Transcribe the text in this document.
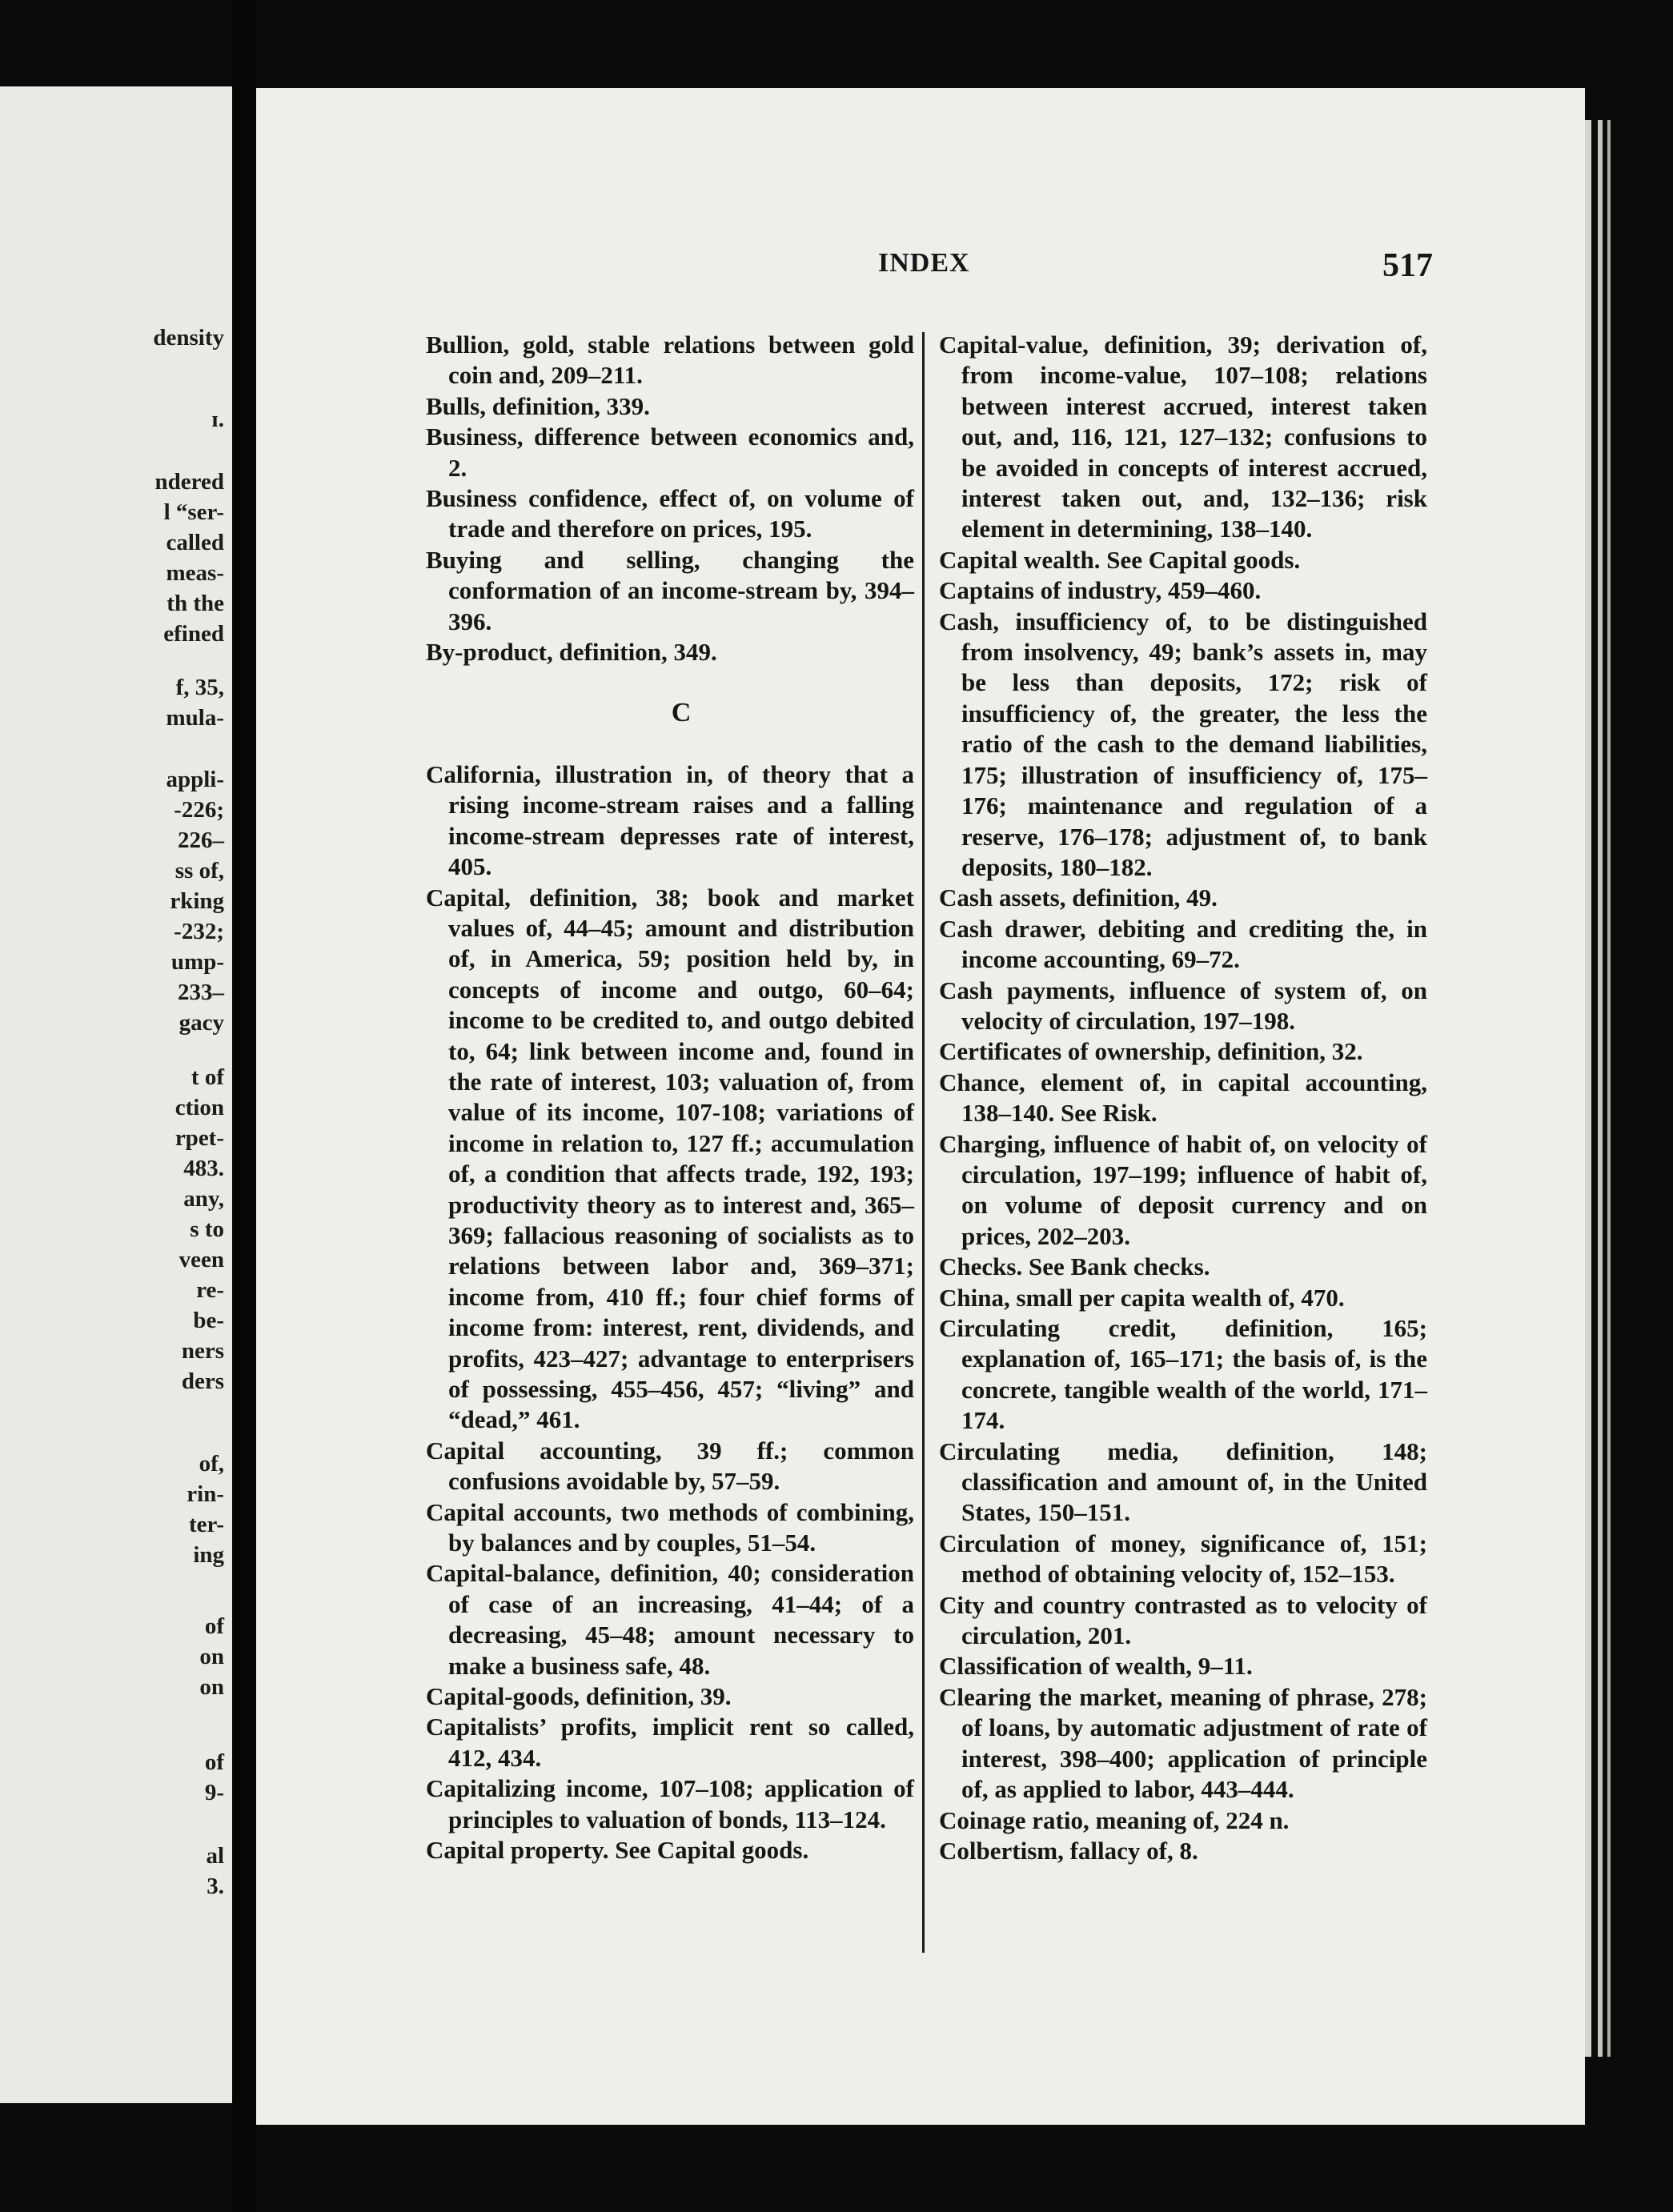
density
ɪ.
ndered
l “ser-
called
meas-
th the
efined
f, 35,
mula-
appli-
-226;
226–
ss of,
rking
-232;
ump-
233–
gacy
t of
ction
rpet-
483.
any,
s to
veen
re-
be-
ners
ders
of,
rin-
ter-
ing
of
on
on
of
9-
al
3.
INDEX	517

Bullion, gold, stable relations between gold coin and, 209–211.

Bulls, definition, 339.

Business, difference between economics and, 2.

Business confidence, effect of, on volume of trade and therefore on prices, 195.

Buying and selling, changing the conformation of an income-stream by, 394–396.

By-product, definition, 349.

C

California, illustration in, of theory that a rising income-stream raises and a falling income-stream depresses rate of interest, 405.

Capital, definition, 38; book and market values of, 44–45; amount and distribution of, in America, 59; position held by, in concepts of income and outgo, 60–64; income to be credited to, and outgo debited to, 64; link between income and, found in the rate of interest, 103; valuation of, from value of its income, 107-108; variations of income in relation to, 127 ff.; accumulation of, a condition that affects trade, 192, 193; productivity theory as to interest and, 365–369; fallacious reasoning of socialists as to relations between labor and, 369–371; income from, 410 ff.; four chief forms of income from: interest, rent, dividends, and profits, 423–427; advantage to enterprisers of possessing, 455–456, 457; “living” and “dead,” 461.

Capital accounting, 39 ff.; common confusions avoidable by, 57–59.

Capital accounts, two methods of combining, by balances and by couples, 51–54.

Capital-balance, definition, 40; consideration of case of an increasing, 41–44; of a decreasing, 45–48; amount necessary to make a business safe, 48.

Capital-goods, definition, 39.

Capitalists’ profits, implicit rent so called, 412, 434.

Capitalizing income, 107–108; application of principles to valuation of bonds, 113–124.

Capital property. See Capital goods.

Capital-value, definition, 39; derivation of, from income-value, 107–108; relations between interest accrued, interest taken out, and, 116, 121, 127–132; confusions to be avoided in concepts of interest accrued, interest taken out, and, 132–136; risk element in determining, 138–140.

Capital wealth. See Capital goods.

Captains of industry, 459–460.

Cash, insufficiency of, to be distinguished from insolvency, 49; bank’s assets in, may be less than deposits, 172; risk of insufficiency of, the greater, the less the ratio of the cash to the demand liabilities, 175; illustration of insufficiency of, 175–176; maintenance and regulation of a reserve, 176–178; adjustment of, to bank deposits, 180–182.

Cash assets, definition, 49.

Cash drawer, debiting and crediting the, in income accounting, 69–72.

Cash payments, influence of system of, on velocity of circulation, 197–198.

Certificates of ownership, definition, 32.

Chance, element of, in capital accounting, 138–140. See Risk.

Charging, influence of habit of, on velocity of circulation, 197–199; influence of habit of, on volume of deposit currency and on prices, 202–203.

Checks. See Bank checks.

China, small per capita wealth of, 470.

Circulating credit, definition, 165; explanation of, 165–171; the basis of, is the concrete, tangible wealth of the world, 171–174.

Circulating media, definition, 148; classification and amount of, in the United States, 150–151.

Circulation of money, significance of, 151; method of obtaining velocity of, 152–153.

City and country contrasted as to velocity of circulation, 201.

Classification of wealth, 9–11.

Clearing the market, meaning of phrase, 278; of loans, by automatic adjustment of rate of interest, 398–400; application of principle of, as applied to labor, 443–444.

Coinage ratio, meaning of, 224 n.

Colbertism, fallacy of, 8.
